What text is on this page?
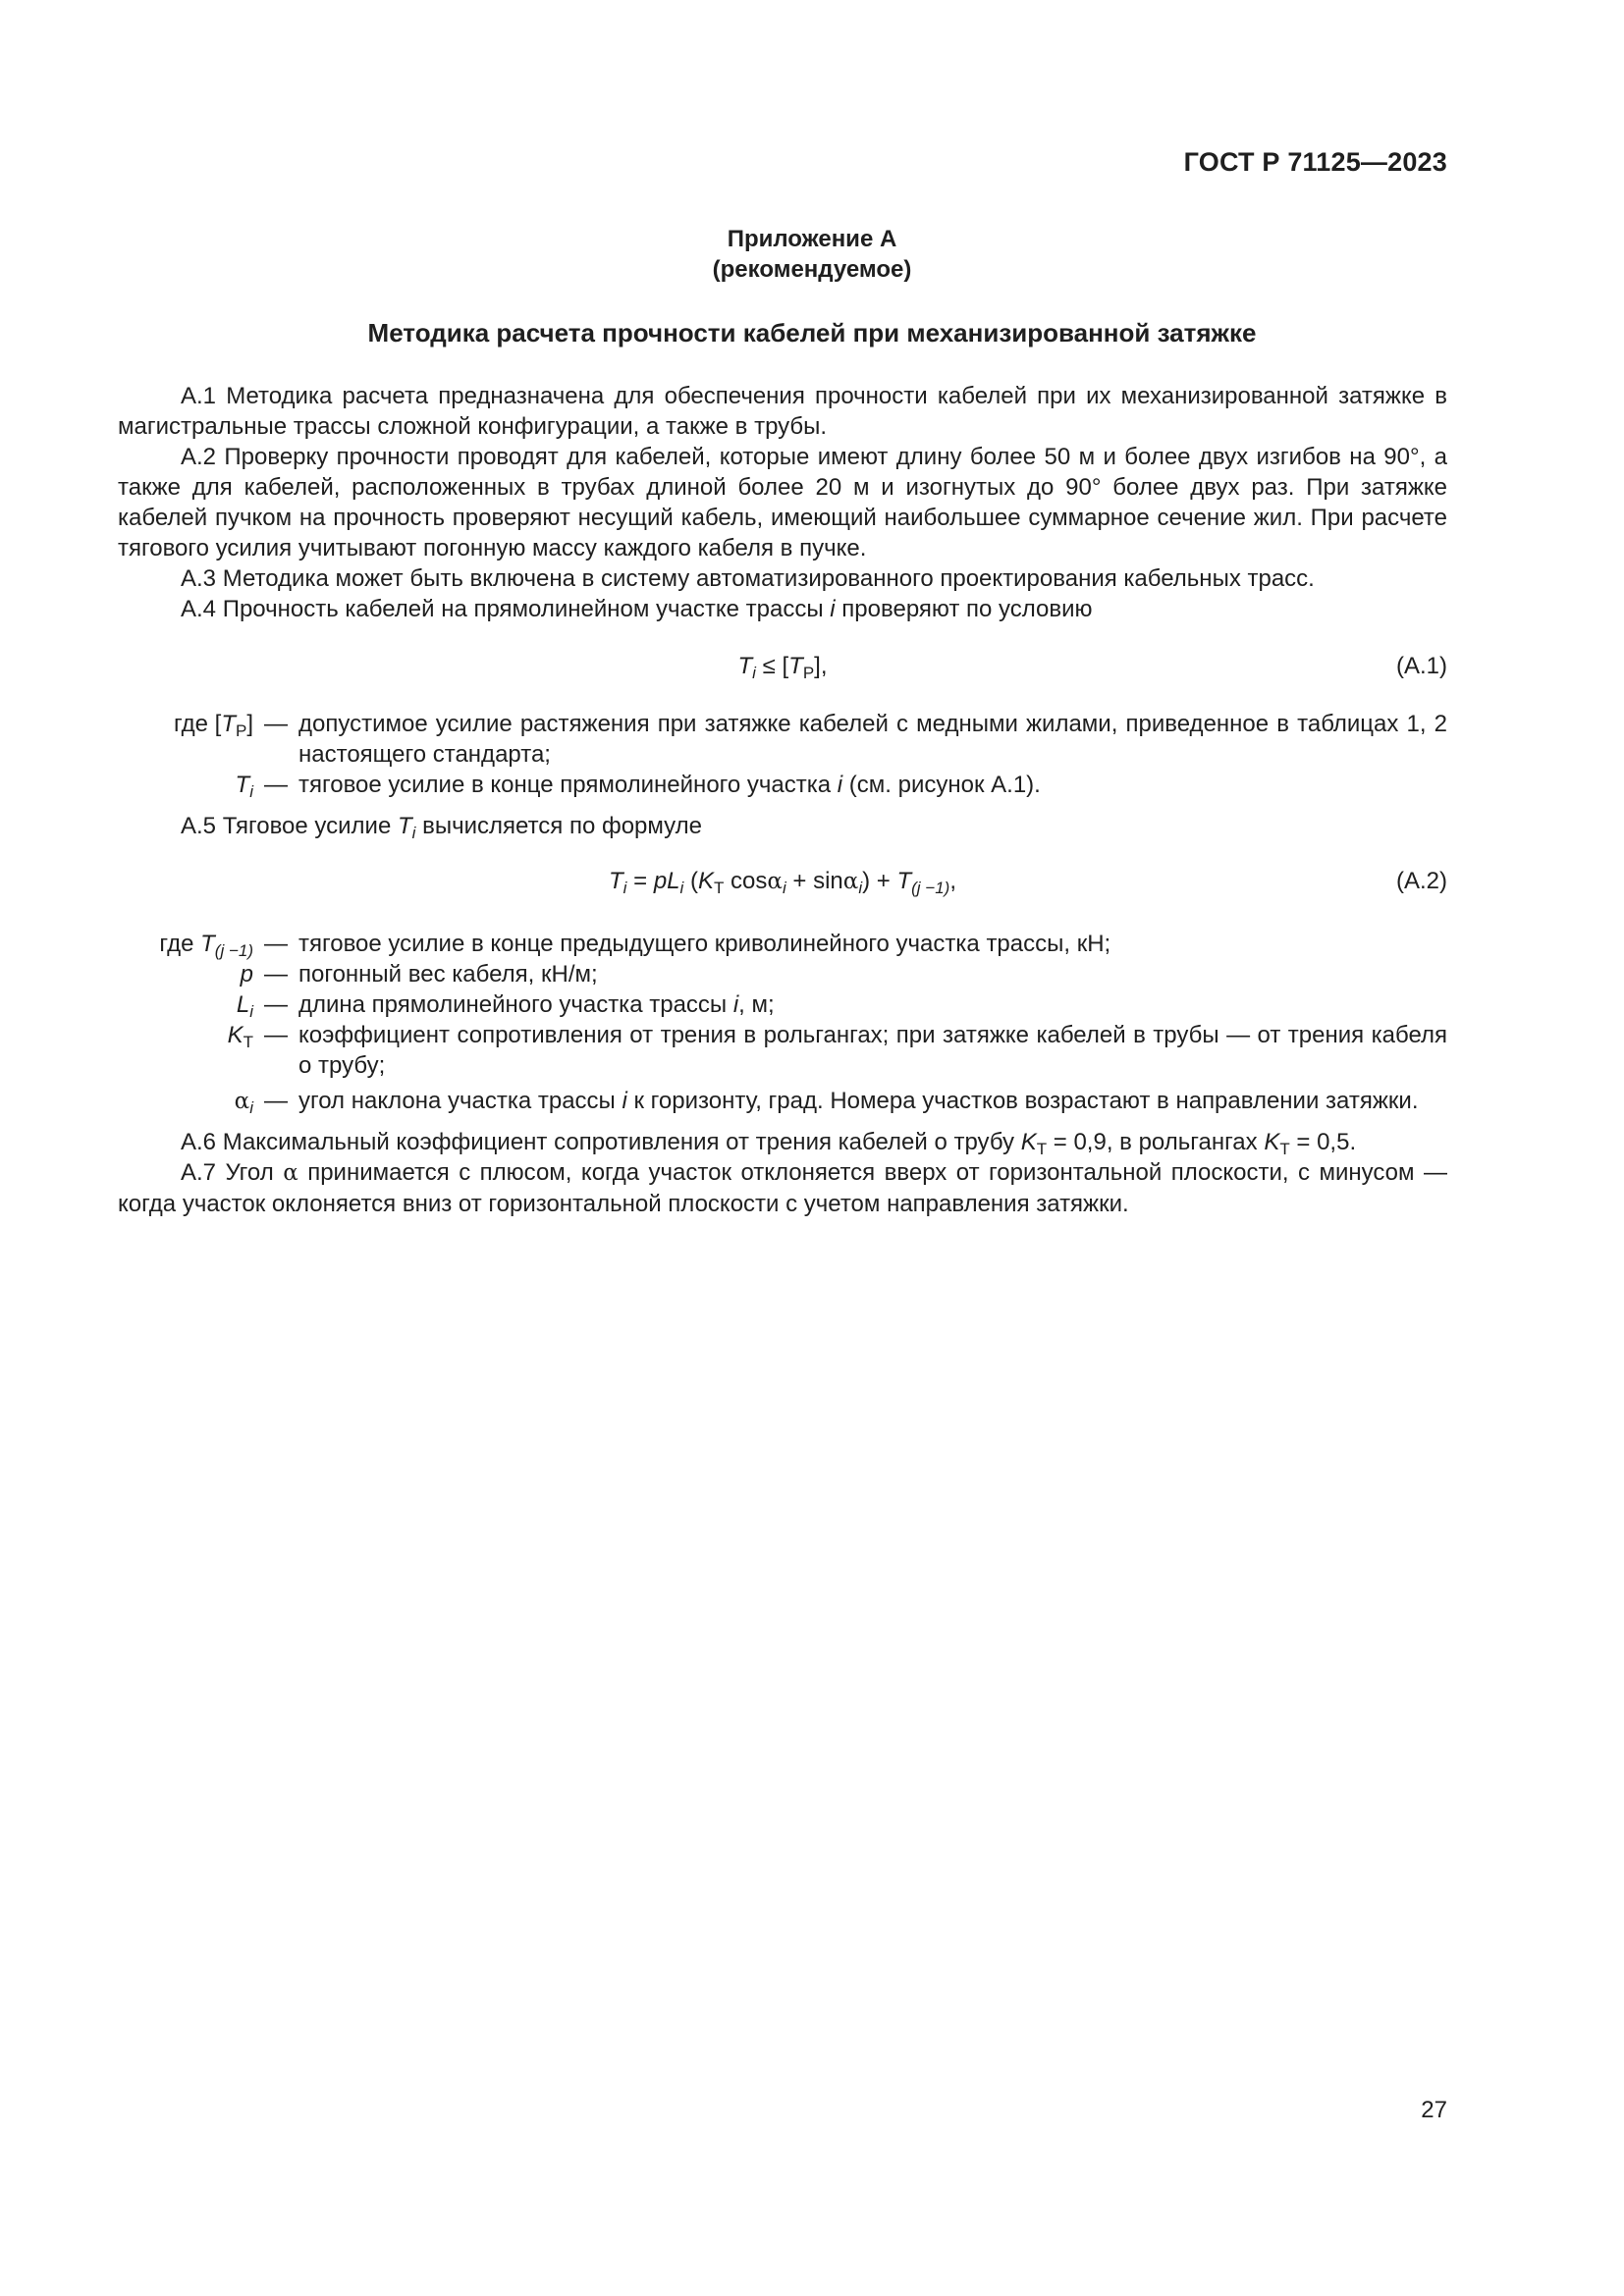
ГОСТ Р 71125—2023
Приложение А
(рекомендуемое)
Методика расчета прочности кабелей при механизированной затяжке

А.1 Методика расчета предназначена для обеспечения прочности кабелей при их механизированной затяжке в магистральные трассы сложной конфигурации, а также в трубы.

А.2 Проверку прочности проводят для кабелей, которые имеют длину более 50 м и более двух изгибов на 90°, а также для кабелей, расположенных в трубах длиной более 20 м и изогнутых до 90° более двух раз. При затяжке кабелей пучком на прочность проверяют несущий кабель, имеющий наибольшее суммарное сечение жил. При расчете тягового усилия учитывают погонную массу каждого кабеля в пучке.

А.3 Методика может быть включена в систему автоматизированного проектирования кабельных трасс.

А.4 Прочность кабелей на прямолинейном участке трассы i проверяют по условию

$T_i \le [T_Р]$,	(А.1)
где $[T_Р]$ — допустимое усилие растяжения при затяжке кабелей с медными жилами, приведенное в таблицах 1, 2 настоящего стандарта;
$T_i$ — тяговое усилие в конце прямолинейного участка i (см. рисунок А.1).

А.5 Тяговое усилие $T_i$ вычисляется по формуле

$T_i = pL_i$ ($K_Т$ $\cos\alpha_i + \sin\alpha_i) + T_{(j -1)}$,	(А.2)
где $T_{(j -1)}$ — тяговое усилие в конце предыдущего криволинейного участка трассы, кН;
p — погонный вес кабеля, кН/м;
$L_i$ — длина прямолинейного участка трассы i, м;
$K_Т$ — коэффициент сопротивления от трения в рольгангах; при затяжке кабелей в трубы — от трения кабеля о трубу;
$\alpha_i$ — угол наклона участка трассы i к горизонту, град. Номера участков возрастают в направлении затяжки.

А.6 Максимальный коэффициент сопротивления от трения кабелей о трубу $K_Т = 0,9$, в рольгангах $K_Т = 0,5$.

А.7 Угол α принимается с плюсом, когда участок отклоняется вверх от горизонтальной плоскости, с минусом — когда участок оклоняется вниз от горизонтальной плоскости с учетом направления затяжки.

27
